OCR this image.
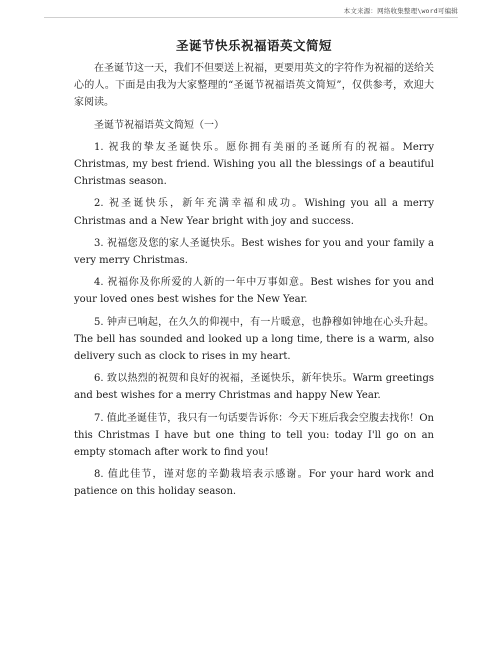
本文来源：网络收集整理\word可编辑
圣诞节快乐祝福语英文简短

在圣诞节这一天，我们不但要送上祝福，更要用英文的字符作为祝福的送给关心的人。下面是由我为大家整理的“圣诞节祝福语英文简短”，仅供参考，欢迎大家阅读。

圣诞节祝福语英文简短（一）

1. 祝我的挚友圣诞快乐。愿你拥有美丽的圣诞所有的祝福。Merry Christmas, my best friend. Wishing you all the blessings of a beautiful Christmas season.

2. 祝圣诞快乐，新年充满幸福和成功。Wishing you all a merry Christmas and a New Year bright with joy and success.

3. 祝福您及您的家人圣诞快乐。Best wishes for you and your family a very merry Christmas.

4. 祝福你及你所爱的人新的一年中万事如意。Best wishes for you and your loved ones best wishes for the New Year.

5. 钟声已响起，在久久的仰视中，有一片暖意，也静穆如钟地在心头升起。The bell has sounded and looked up a long time, there is a warm, also delivery such as clock to rises in my heart.

6. 致以热烈的祝贺和良好的祝福，圣诞快乐，新年快乐。Warm greetings and best wishes for a merry Christmas and happy New Year.

7. 值此圣诞佳节，我只有一句话要告诉你：今天下班后我会空腹去找你！On this Christmas I have but one thing to tell you: today I'll go on an empty stomach after work to find you!

8. 值此佳节，谨对您的辛勤栽培表示感谢。For your hard work and patience on this holiday season.
